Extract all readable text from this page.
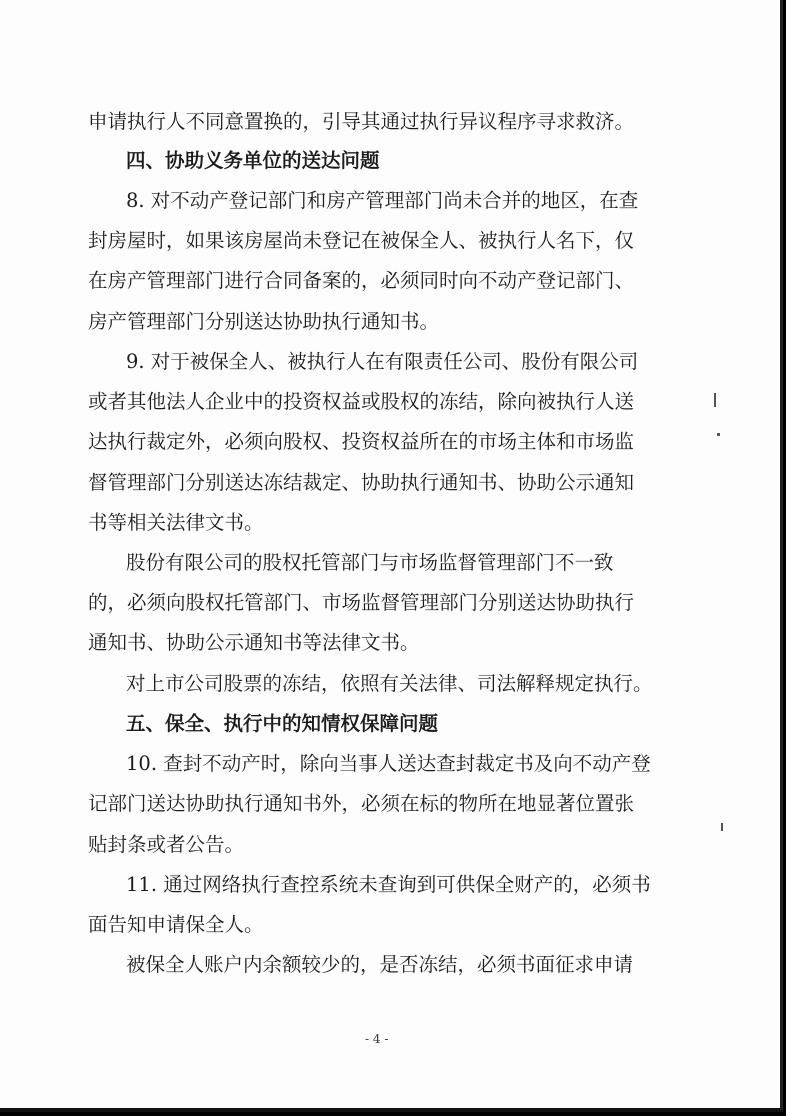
申请执行人不同意置换的，引导其通过执行异议程序寻求救济。
四、协助义务单位的送达问题
8. 对不动产登记部门和房产管理部门尚未合并的地区，在查
封房屋时，如果该房屋尚未登记在被保全人、被执行人名下，仅
在房产管理部门进行合同备案的，必须同时向不动产登记部门、
房产管理部门分别送达协助执行通知书。
9. 对于被保全人、被执行人在有限责任公司、股份有限公司
或者其他法人企业中的投资权益或股权的冻结，除向被执行人送
达执行裁定外，必须向股权、投资权益所在的市场主体和市场监
督管理部门分别送达冻结裁定、协助执行通知书、协助公示通知
书等相关法律文书。
股份有限公司的股权托管部门与市场监督管理部门不一致
的，必须向股权托管部门、市场监督管理部门分别送达协助执行
通知书、协助公示通知书等法律文书。
对上市公司股票的冻结，依照有关法律、司法解释规定执行。
五、保全、执行中的知情权保障问题
10. 查封不动产时，除向当事人送达查封裁定书及向不动产登
记部门送达协助执行通知书外，必须在标的物所在地显著位置张
贴封条或者公告。
11. 通过网络执行查控系统未查询到可供保全财产的，必须书
面告知申请保全人。
被保全人账户内余额较少的，是否冻结，必须书面征求申请
- 4 -
